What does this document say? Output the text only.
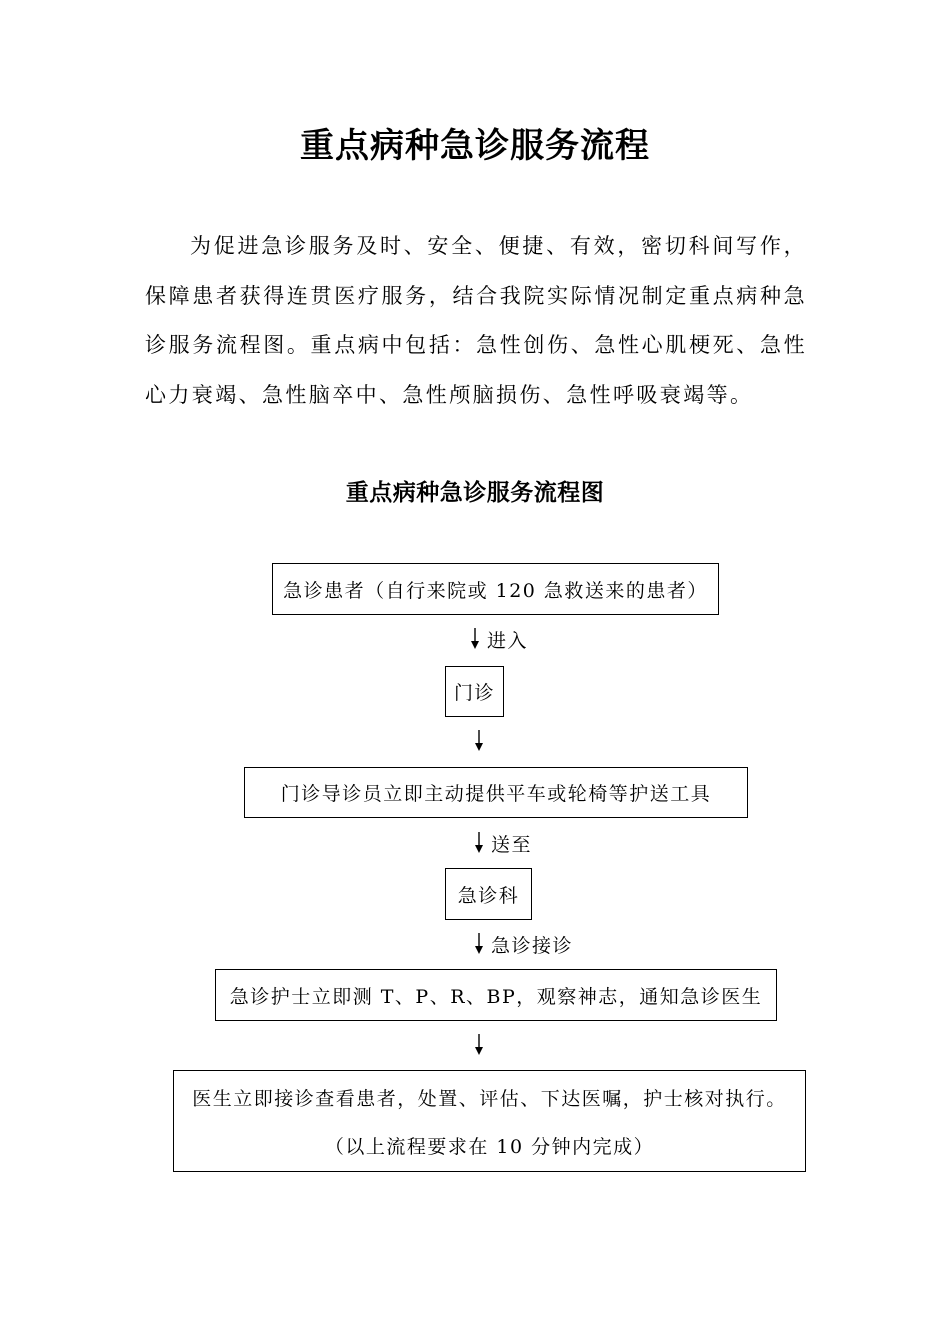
重点病种急诊服务流程

为促进急诊服务及时、安全、便捷、有效，密切科间写作，保障患者获得连贯医疗服务，结合我院实际情况制定重点病种急诊服务流程图。重点病中包括：急性创伤、急性心肌梗死、急性心力衰竭、急性脑卒中、急性颅脑损伤、急性呼吸衰竭等。

重点病种急诊服务流程图
急诊患者（自行来院或 120 急救送来的患者）
进入
门诊
门诊导诊员立即主动提供平车或轮椅等护送工具
送至
急诊科
急诊接诊
急诊护士立即测 T、P、R、BP，观察神志，通知急诊医生
医生立即接诊查看患者，处置、评估、下达医嘱，护士核对执行。
（以上流程要求在 10 分钟内完成）
